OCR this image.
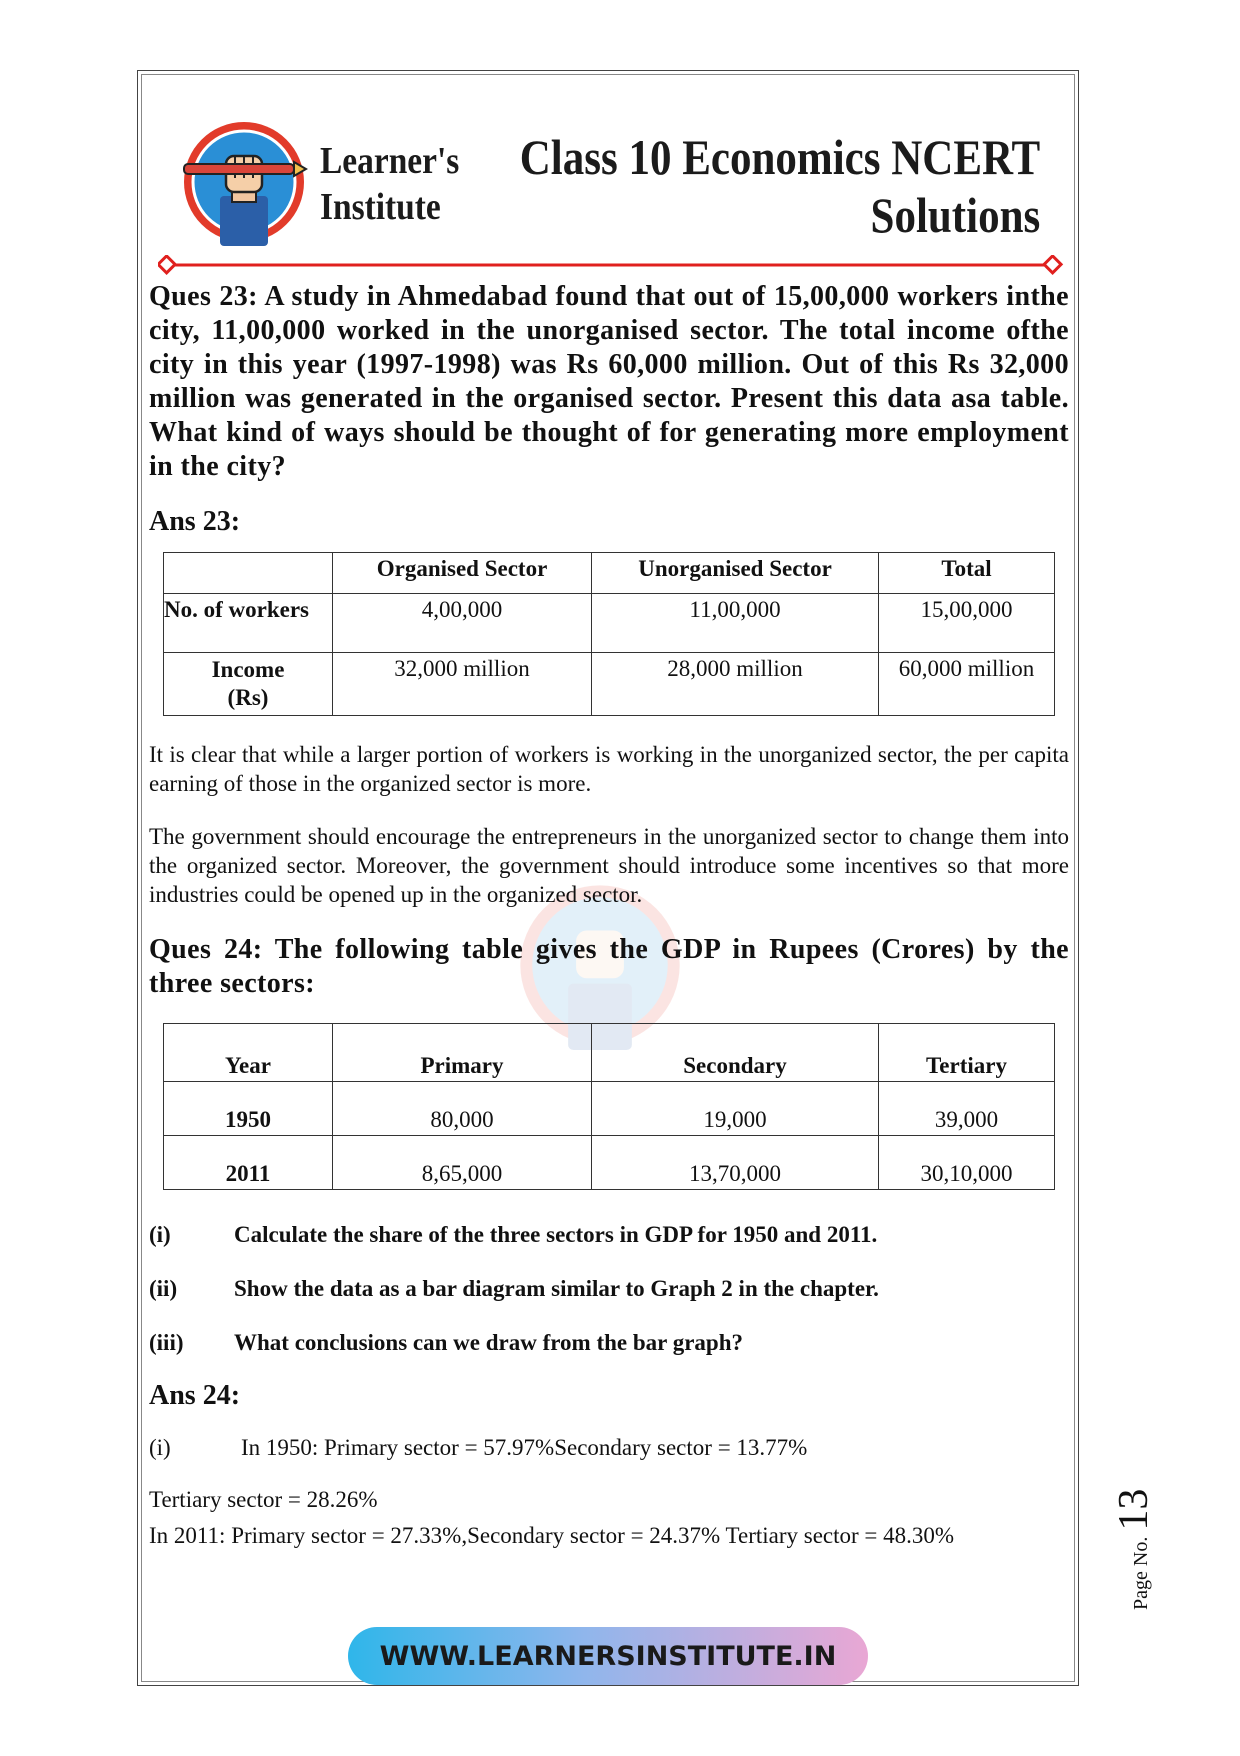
Learner's
Institute
Class 10 Economics NCERT
Solutions

Ques 23: A study in Ahmedabad found that out of 15,00,000 workers inthe city, 11,00,000 worked in the unorganised sector. The total income ofthe city in this year (1997-1998) was Rs 60,000 million. Out of this Rs 32,000 million was generated in the organised sector. Present this data asa table. What kind of ways should be thought of for generating more employment in the city?

Ans 23:
	Organised Sector	Unorganised Sector	Total
No. of workers	4,00,000	11,00,000	15,00,000
Income
(Rs)	32,000 million	28,000 million	60,000 million

It is clear that while a larger portion of workers is working in the unorganized sector, the per capita earning of those in the organized sector is more.

The government should encourage the entrepreneurs in the unorganized sector to change them into the organized sector. Moreover, the government should introduce some incentives so that more industries could be opened up in the organized sector.

Ques 24: The following table gives the GDP in Rupees (Crores) by the three sectors:

Year	Primary	Secondary	Tertiary
1950	80,000	19,000	39,000
2011	8,65,000	13,70,000	30,10,000
(i)	Calculate the share of the three sectors in GDP for 1950 and 2011.
(ii)	Show the data as a bar diagram similar to Graph 2 in the chapter.
(iii)	What conclusions can we draw from the bar graph?
Ans 24:
(i)	In 1950: Primary sector = 57.97%Secondary sector = 13.77%

Tertiary sector = 28.26%

In 2011: Primary sector = 27.33%,Secondary sector = 24.37% Tertiary sector = 48.30%

WWW.LEARNERSINSTITUTE.IN
Page No.
13
